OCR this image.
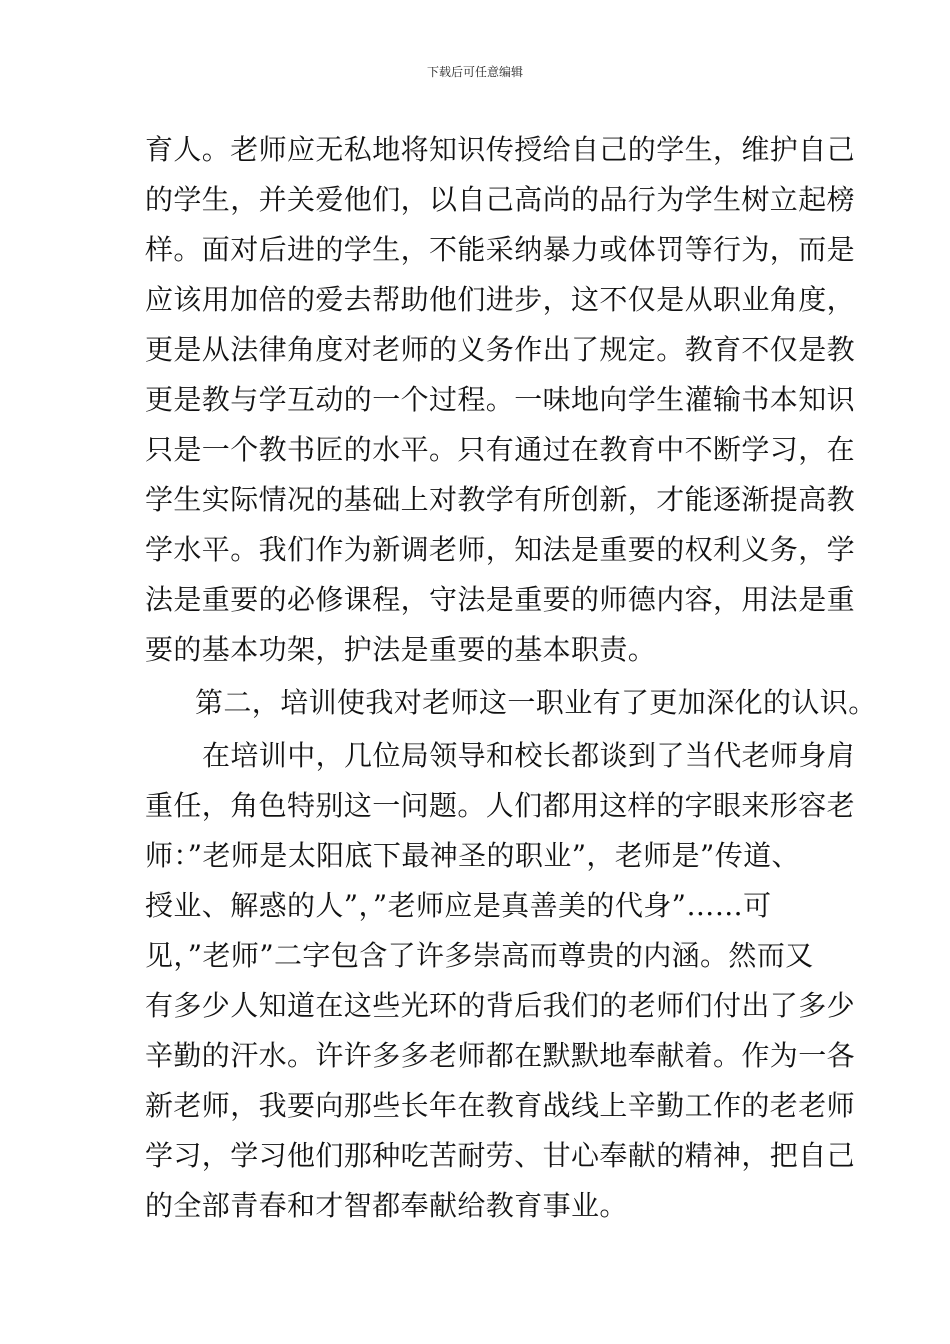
下载后可任意编辑
育人。老师应无私地将知识传授给自己的学生，维护自己
的学生，并关爱他们，以自己高尚的品行为学生树立起榜
样。面对后进的学生，不能采纳暴力或体罚等行为，而是
应该用加倍的爱去帮助他们进步，这不仅是从职业角度，
更是从法律角度对老师的义务作出了规定。教育不仅是教
更是教与学互动的一个过程。一味地向学生灌输书本知识
只是一个教书匠的水平。只有通过在教育中不断学习，在
学生实际情况的基础上对教学有所创新，才能逐渐提高教
学水平。我们作为新调老师，知法是重要的权利义务，学
法是重要的必修课程，守法是重要的师德内容，用法是重
要的基本功架，护法是重要的基本职责。
第二，培训使我对老师这一职业有了更加深化的认识。
在培训中，几位局领导和校长都谈到了当代老师身肩
重任，角色特别这一问题。人们都用这样的字眼来形容老
师：”老师是太阳底下最神圣的职业”，老师是”传道、
授业、解惑的人”，”老师应是真善美的代身”……可
见，”老师”二字包含了许多崇高而尊贵的内涵。然而又
有多少人知道在这些光环的背后我们的老师们付出了多少
辛勤的汗水。许许多多老师都在默默地奉献着。作为一各
新老师，我要向那些长年在教育战线上辛勤工作的老老师
学习，学习他们那种吃苦耐劳、甘心奉献的精神，把自己
的全部青春和才智都奉献给教育事业。
